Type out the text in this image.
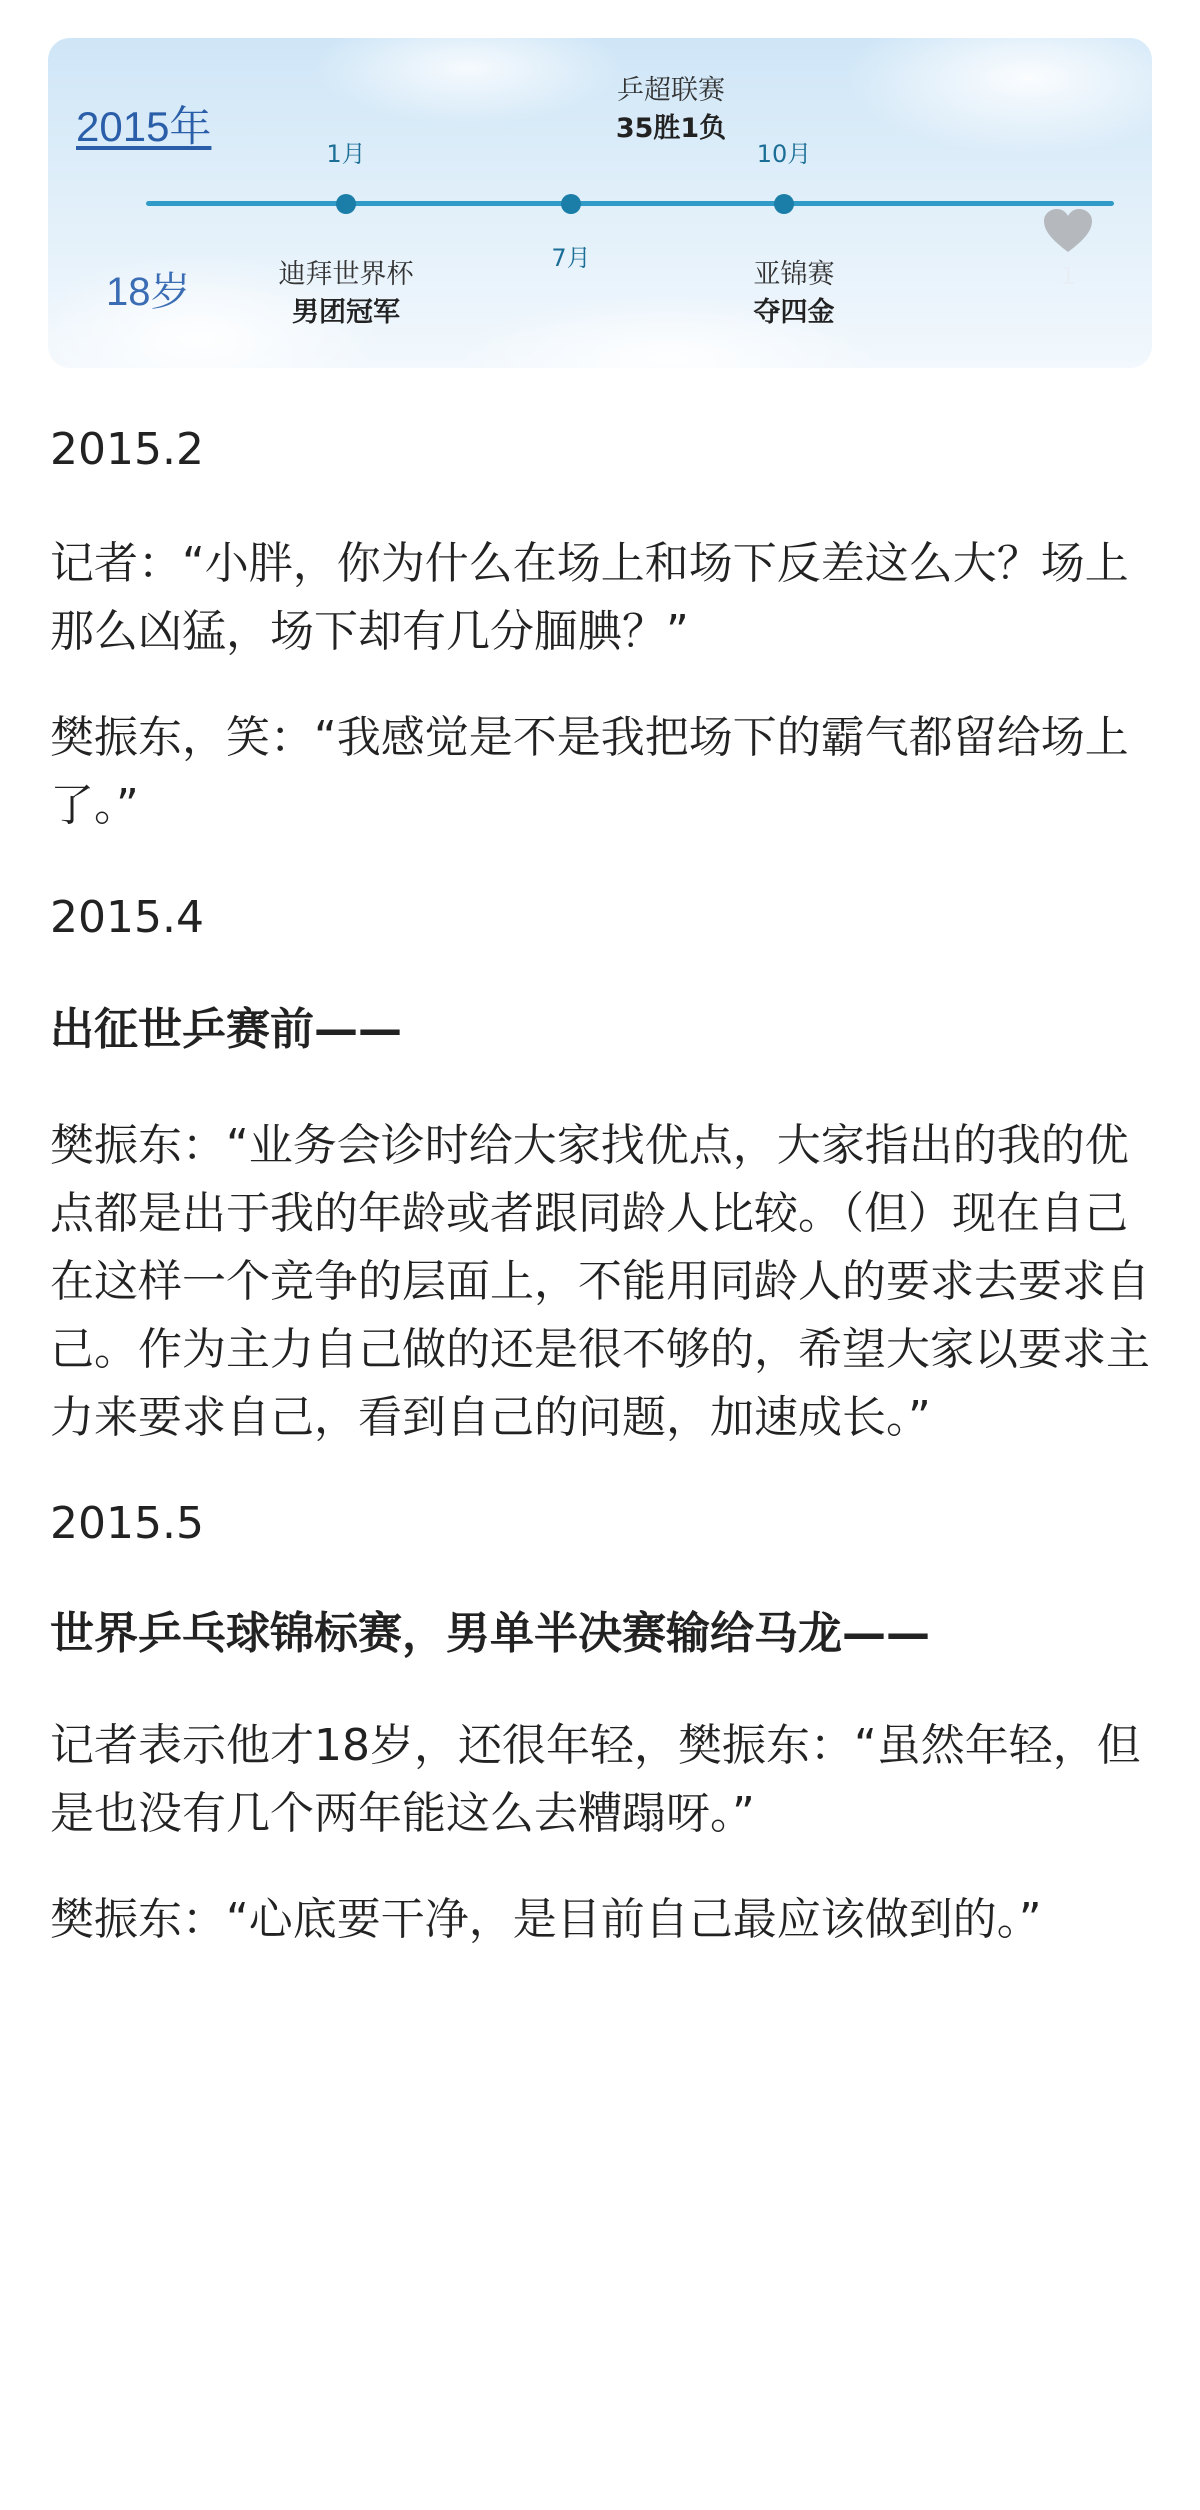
2015年
18岁
1月
乒超联赛
35胜1负
10月
迪拜世界杯
男团冠军
7月
亚锦赛
夺四金
1

2015.2

记者：“小胖，你为什么在场上和场下反差这么大？场上那么凶猛，场下却有几分腼腆？”

樊振东，笑：“我感觉是不是我把场下的霸气都留给场上了。”

2015.4

出征世乒赛前——

樊振东：“业务会诊时给大家找优点，大家指出的我的优点都是出于我的年龄或者跟同龄人比较。（但）现在自己在这样一个竞争的层面上，不能用同龄人的要求去要求自己。作为主力自己做的还是很不够的，希望大家以要求主力来要求自己，看到自己的问题，加速成长。”

2015.5

世界乒乓球锦标赛，男单半决赛输给马龙——

记者表示他才18岁，还很年轻，樊振东：“虽然年轻，但是也没有几个两年能这么去糟蹋呀。”

樊振东：“心底要干净，是目前自己最应该做到的。”
